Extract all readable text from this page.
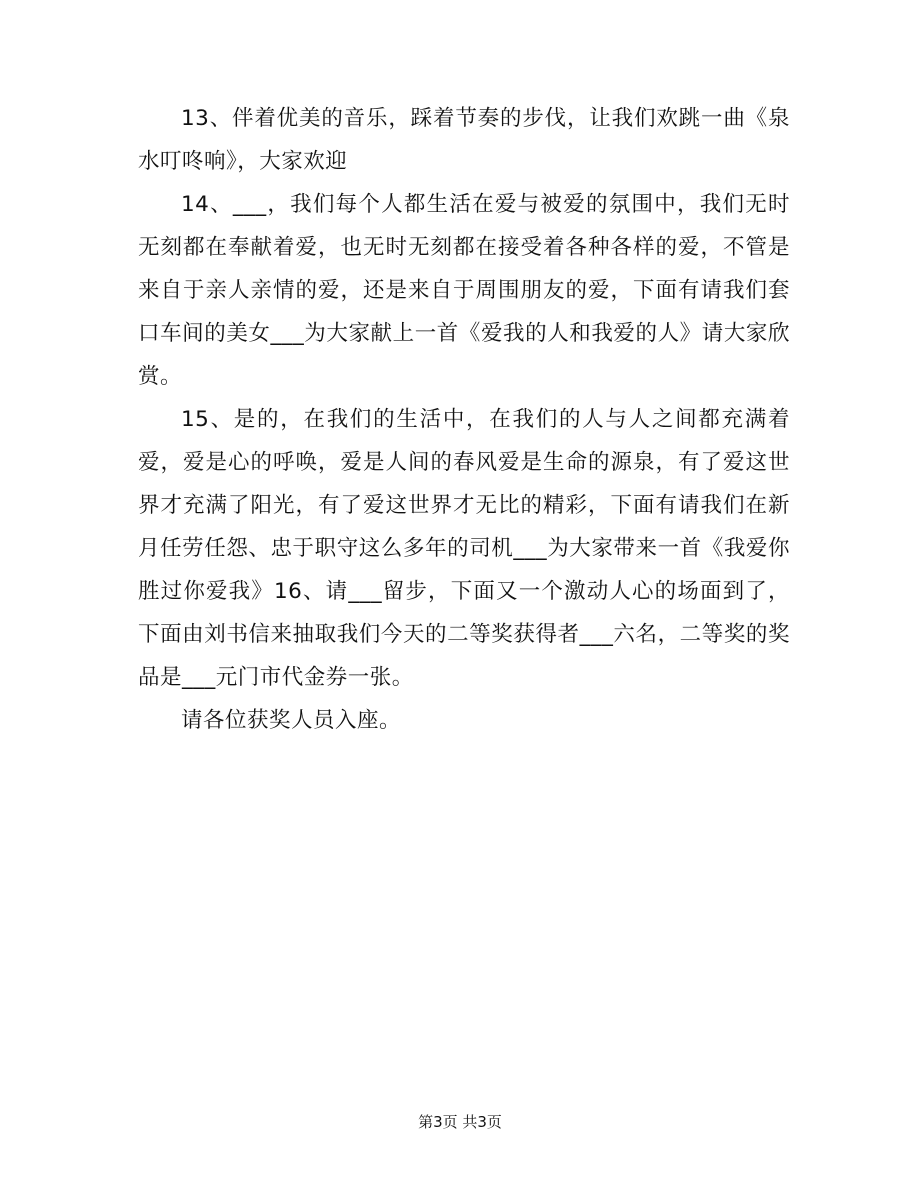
13、伴着优美的音乐，踩着节奏的步伐，让我们欢跳一曲《泉水叮咚响》，大家欢迎

14、___，我们每个人都生活在爱与被爱的氛围中，我们无时无刻都在奉献着爱，也无时无刻都在接受着各种各样的爱，不管是来自于亲人亲情的爱，还是来自于周围朋友的爱，下面有请我们套口车间的美女___为大家献上一首《爱我的人和我爱的人》请大家欣赏。

15、是的，在我们的生活中，在我们的人与人之间都充满着爱，爱是心的呼唤，爱是人间的春风爱是生命的源泉，有了爱这世界才充满了阳光，有了爱这世界才无比的精彩，下面有请我们在新月任劳任怨、忠于职守这么多年的司机___为大家带来一首《我爱你胜过你爱我》16、请___留步，下面又一个激动人心的场面到了，下面由刘书信来抽取我们今天的二等奖获得者___六名，二等奖的奖品是___元门市代金券一张。

请各位获奖人员入座。

第3页 共3页
